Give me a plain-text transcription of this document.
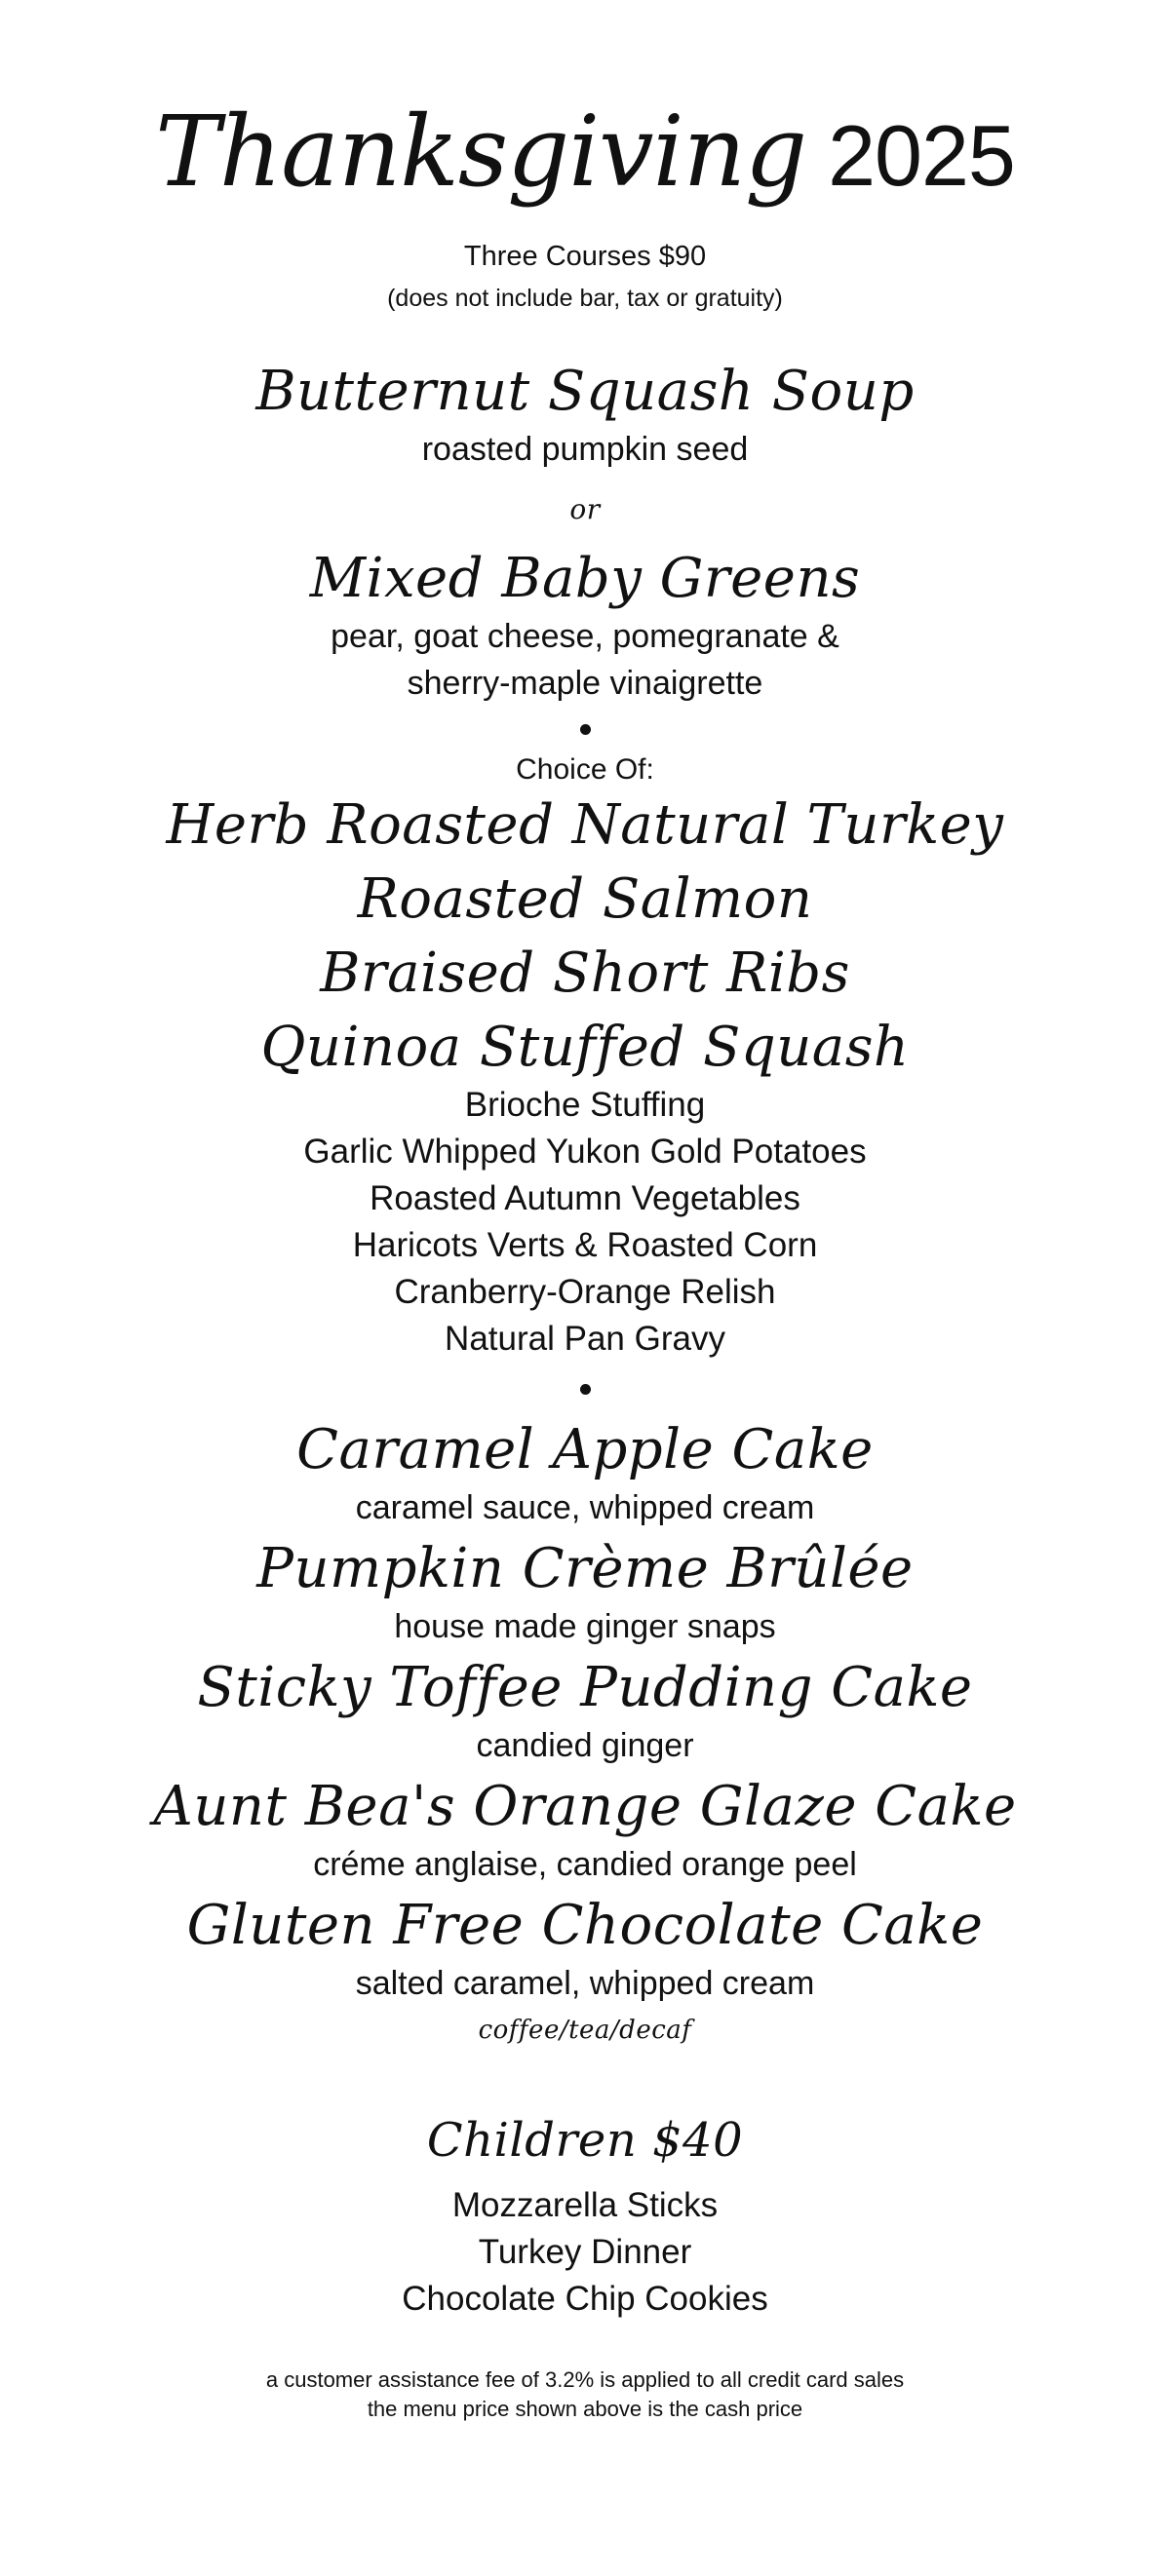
Thanksgiving 2025
Three Courses $90
(does not include bar, tax or gratuity)
Butternut Squash Soup
roasted pumpkin seed
or
Mixed Baby Greens
pear, goat cheese, pomegranate &
sherry-maple vinaigrette
Choice Of:
Herb Roasted Natural Turkey
Roasted Salmon
Braised Short Ribs
Quinoa Stuffed Squash
Brioche Stuffing
Garlic Whipped Yukon Gold Potatoes
Roasted Autumn Vegetables
Haricots Verts & Roasted Corn
Cranberry-Orange Relish
Natural Pan Gravy
Caramel Apple Cake
caramel sauce, whipped cream
Pumpkin Crème Brûlée
house made ginger snaps
Sticky Toffee Pudding Cake
candied ginger
Aunt Bea's Orange Glaze Cake
créme anglaise, candied orange peel
Gluten Free Chocolate Cake
salted caramel, whipped cream
coffee/tea/decaf
Children $40
Mozzarella Sticks
Turkey Dinner
Chocolate Chip Cookies
a customer assistance fee of 3.2% is applied to all credit card sales
the menu price shown above is the cash price
